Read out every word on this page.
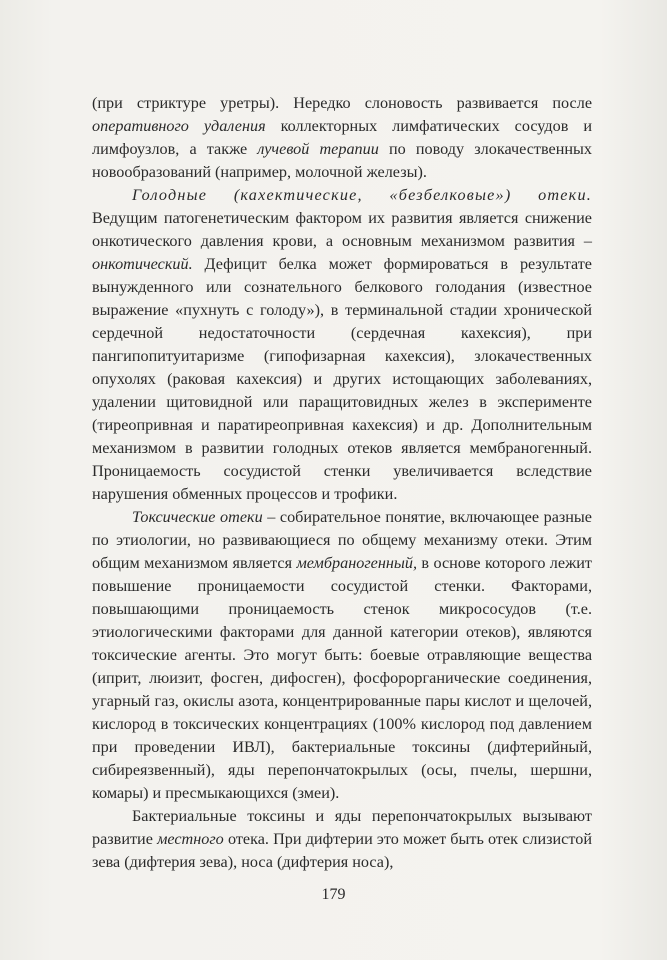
(при стриктуре уретры). Нередко слоновость развивается после оперативного удаления коллекторных лимфатических сосудов и лимфоузлов, а также лучевой терапии по поводу злокачественных новообразований (например, молочной железы).

Голодные (кахектические, «безбелковые») отеки. Ведущим патогенетическим фактором их развития является снижение онкотического давления крови, а основным механизмом развития – онкотический. Дефицит белка может формироваться в результате вынужденного или сознательного белкового голодания (известное выражение «пухнуть с голоду»), в терминальной стадии хронической сердечной недостаточности (сердечная кахексия), при пангипопитуитаризме (гипофизарная кахексия), злокачественных опухолях (раковая кахексия) и других истощающих заболеваниях, удалении щитовидной или паращитовидных желез в эксперименте (тиреопривная и паратиреопривная кахексия) и др. Дополнительным механизмом в развитии голодных отеков является мембраногенный. Проницаемость сосудистой стенки увеличивается вследствие нарушения обменных процессов и трофики.

Токсические отеки – собирательное понятие, включающее разные по этиологии, но развивающиеся по общему механизму отеки. Этим общим механизмом является мембраногенный, в основе которого лежит повышение проницаемости сосудистой стенки. Факторами, повышающими проницаемость стенок микрососудов (т.е. этиологическими факторами для данной категории отеков), являются токсические агенты. Это могут быть: боевые отравляющие вещества (иприт, люизит, фосген, дифосген), фосфорорганические соединения, угарный газ, окислы азота, концентрированные пары кислот и щелочей, кислород в токсических концентрациях (100% кислород под давлением при проведении ИВЛ), бактериальные токсины (дифтерийный, сибиреязвенный), яды перепончатокрылых (осы, пчелы, шершни, комары) и пресмыкающихся (змеи).

Бактериальные токсины и яды перепончатокрылых вызывают развитие местного отека. При дифтерии это может быть отек слизистой зева (дифтерия зева), носа (дифтерия носа),

179
